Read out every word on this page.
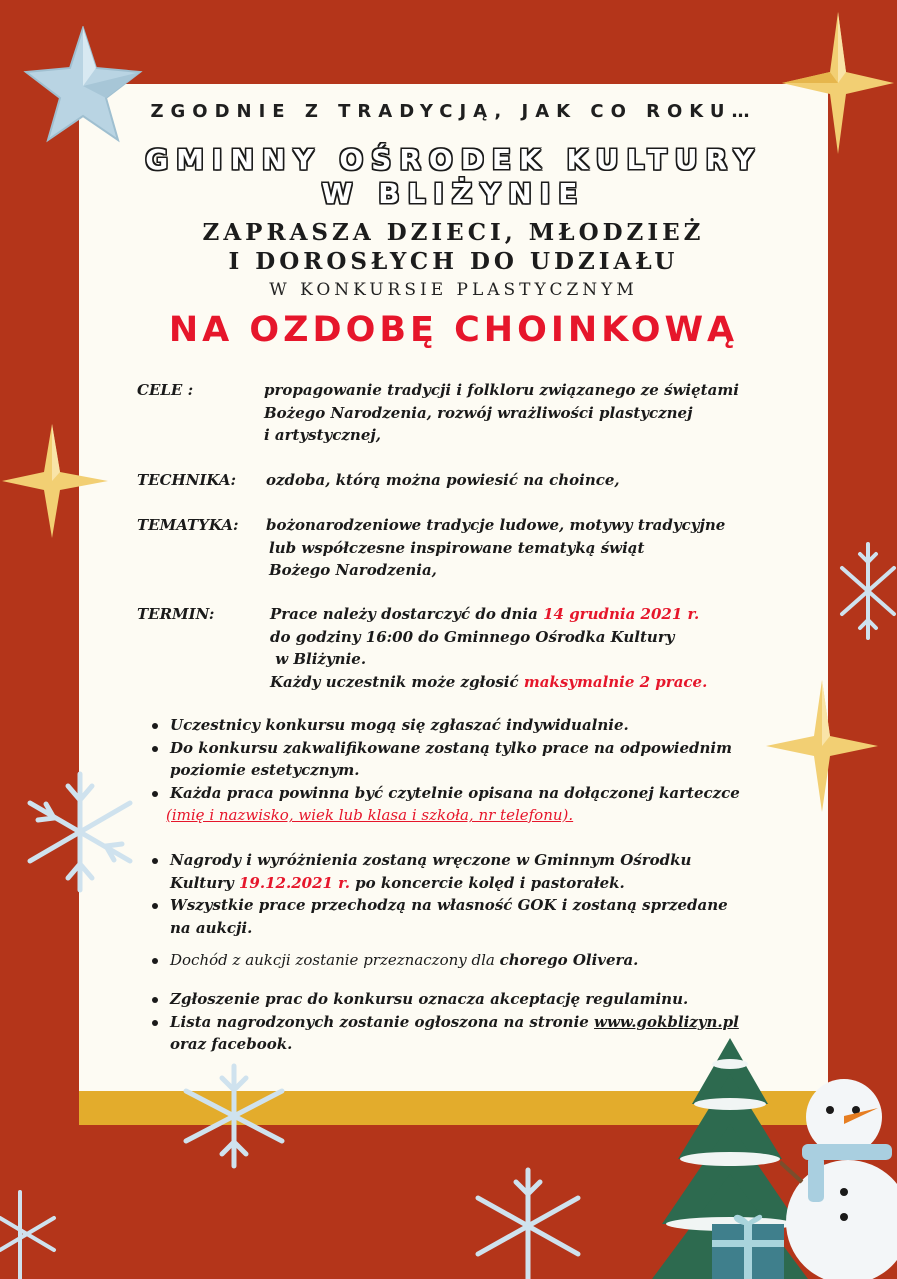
ZGODNIE Z TRADYCJĄ, JAK CO ROKU…
GMINNY OŚRODEK KULTURY
W BLIŻYNIE
ZAPRASZA DZIECI, MŁODZIEŻ
I DOROSŁYCH DO UDZIAŁU
W KONKURSIE PLASTYCZNYM
NA OZDOBĘ CHOINKOWĄ
CELE :	propagowanie tradycji i folkloru związanego ze świętami
Bożego Narodzenia, rozwój wrażliwości plastycznej
i artystycznej,
TECHNIKA: ozdoba, którą można powiesić na choince,
TEMATYKA: bożonarodzeniowe tradycje ludowe, motywy tradycyjne
lub współczesne inspirowane tematyką świąt
Bożego Narodzenia,
TERMIN:	Prace należy dostarczyć do dnia 14 grudnia 2021 r.
do godziny 16:00 do Gminnego Ośrodka Kultury
w Bliżynie.
Każdy uczestnik może zgłosić maksymalnie 2 prace.
Uczestnicy konkursu mogą się zgłaszać indywidualnie.
Do konkursu zakwalifikowane zostaną tylko prace na odpowiednim
poziomie estetycznym.
Każda praca powinna być czytelnie opisana na dołączonej karteczce
(imię i nazwisko, wiek lub klasa i szkoła, nr telefonu).
Nagrody i wyróżnienia zostaną wręczone w Gminnym Ośrodku
Kultury 19.12.2021 r. po koncercie kolęd i pastorałek.
Wszystkie prace przechodzą na własność GOK i zostaną sprzedane
na aukcji.
Dochód z aukcji zostanie przeznaczony dla chorego Olivera.
Zgłoszenie prac do konkursu oznacza akceptację regulaminu.
Lista nagrodzonych zostanie ogłoszona na stronie www.gokblizyn.pl
oraz facebook.
